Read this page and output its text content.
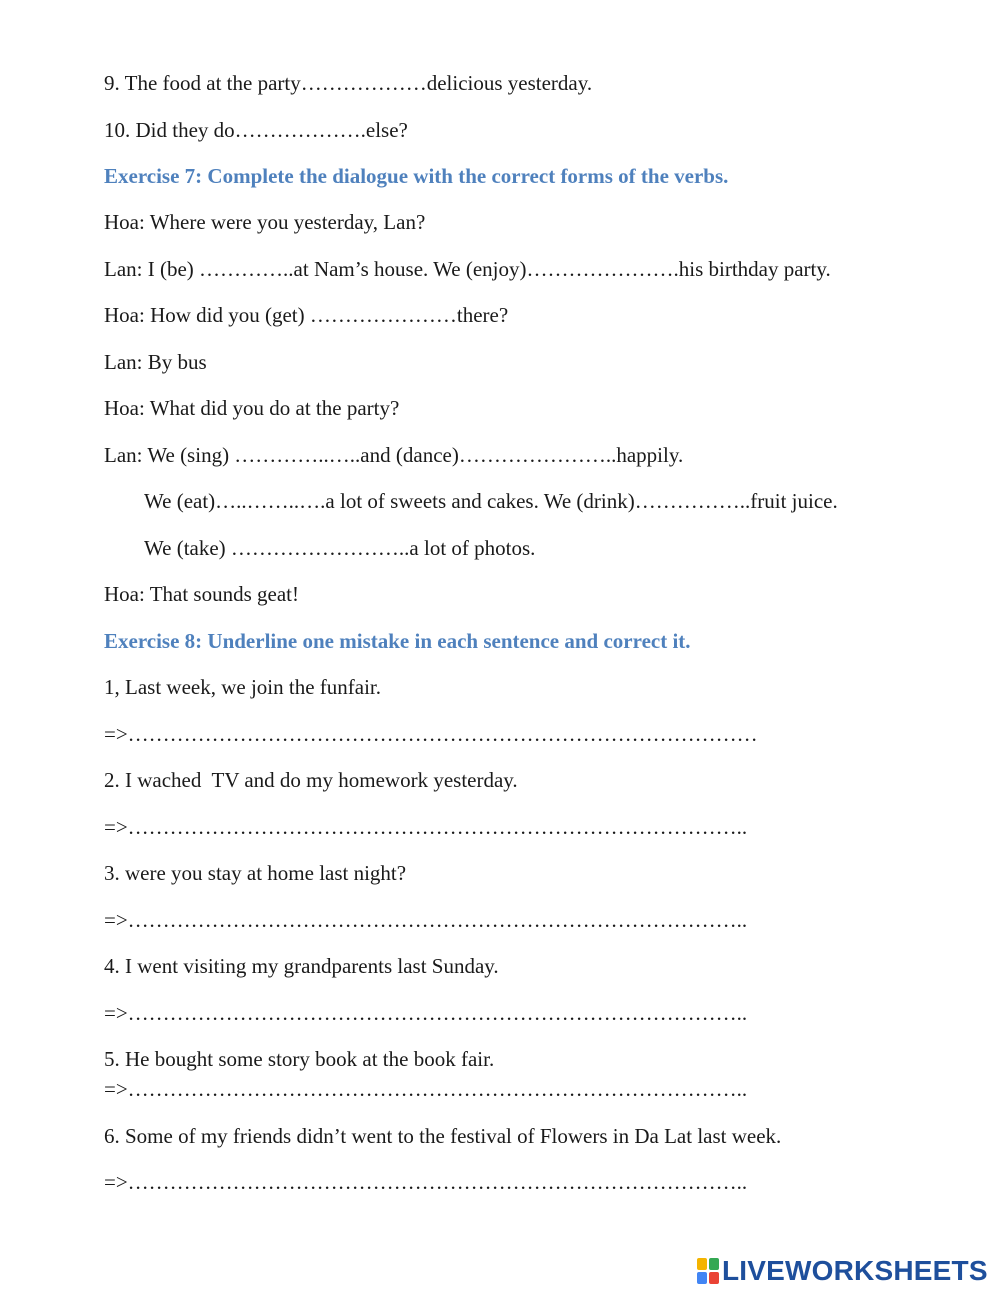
9. The food at the party………………delicious yesterday.

10. Did they do……………….else?

Exercise 7: Complete the dialogue with the correct forms of the verbs.

Hoa: Where were you yesterday, Lan?

Lan: I (be) …………..at Nam’s house. We (enjoy)………………….his birthday party.

Hoa: How did you (get) …………………there?

Lan: By bus

Hoa: What did you do at the party?

Lan: We (sing) …………..…..and (dance)…………………..happily.

We (eat)…..……..….a lot of sweets and cakes. We (drink)……………..fruit juice.

We (take) ……………………..a lot of photos.

Hoa: That sounds geat!

Exercise 8: Underline one mistake in each sentence and correct it.

1, Last week, we join the funfair.

=>………………………………………………………………………………

2. I wached  TV and do my homework yesterday.

=>……………………………………………………………………………..

3. were you stay at home last night?

=>……………………………………………………………………………..

4. I went visiting my grandparents last Sunday.

=>……………………………………………………………………………..

5. He bought some story book at the book fair.

=>……………………………………………………………………………..

6. Some of my friends didn’t went to the festival of Flowers in Da Lat last week.

=>……………………………………………………………………………..

LIVEWORKSHEETS
